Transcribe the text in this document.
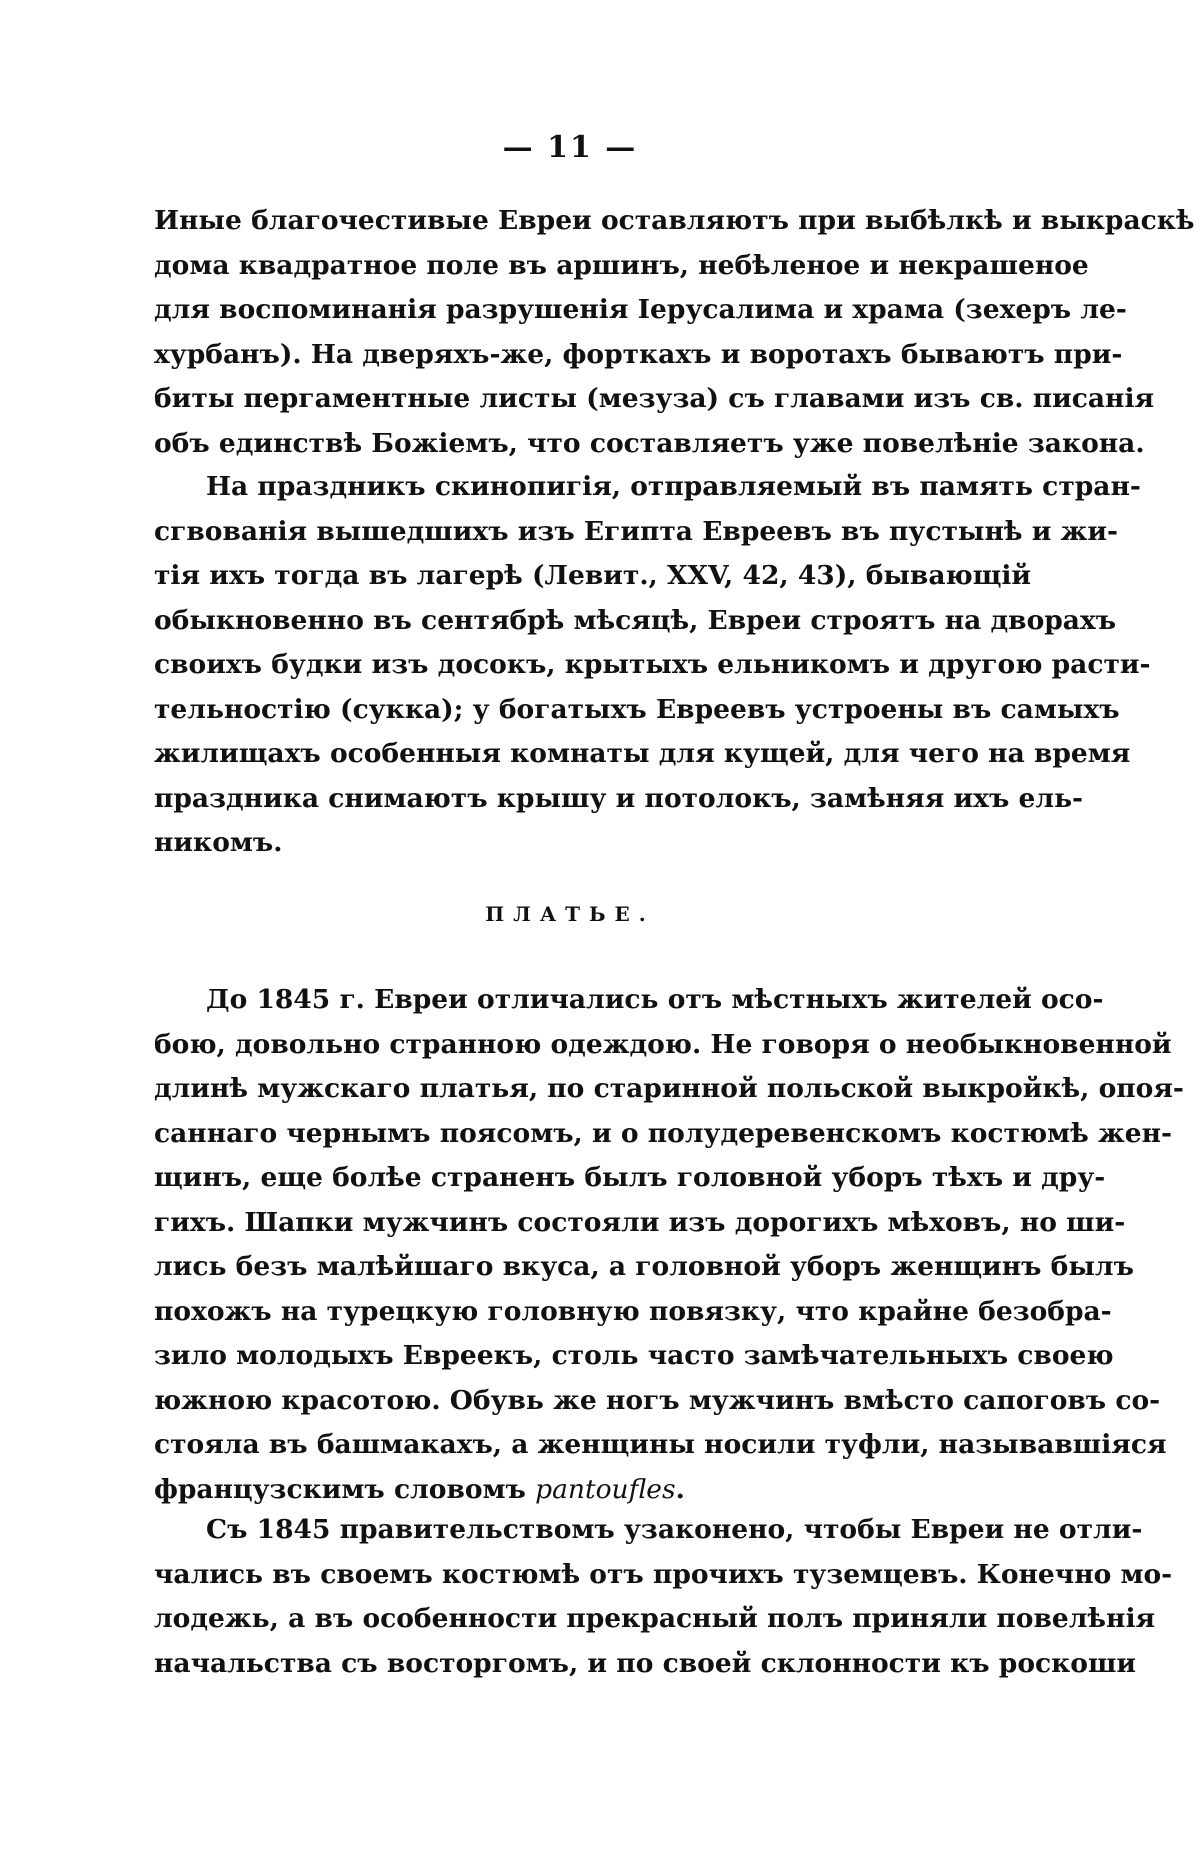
— 11 —
Иные благочестивые Евреи оставляютъ при выбѣлкѣ и выкраскѣ
дома квадратное поле въ аршинъ, небѣленое и некрашеное
для воспоминанія разрушенія Іерусалима и храма (зехеръ ле-
хурбанъ). На дверяхъ-же, форткахъ и воротахъ бываютъ при-
биты пергаментные листы (мезуза) съ главами изъ св. писанія
объ единствѣ Божіемъ, что составляетъ уже повелѣніе закона.
На праздникъ скинопигія, отправляемый въ память стран-
сгвованія вышедшихъ изъ Египта Евреевъ въ пустынѣ и жи-
тія ихъ тогда въ лагерѣ (Левит., XXV, 42, 43), бывающій
обыкновенно въ сентябрѣ мѣсяцѣ, Евреи строятъ на дворахъ
своихъ будки изъ досокъ, крытыхъ ельникомъ и другою расти-
тельностію (сукка); у богатыхъ Евреевъ устроены въ самыхъ
жилищахъ особенныя комнаты для кущей, для чего на время
праздника снимаютъ крышу и потолокъ, замѣняя ихъ ель-
никомъ.
ПЛАТЬЕ.
До 1845 г. Евреи отличались отъ мѣстныхъ жителей осо-
бою, довольно странною одеждою. Не говоря о необыкновенной
длинѣ мужскаго платья, по старинной польской выкройкѣ, опоя-
саннаго чернымъ поясомъ, и о полудеревенскомъ костюмѣ жен-
щинъ, еще болѣе страненъ былъ головной уборъ тѣхъ и дру-
гихъ. Шапки мужчинъ состояли изъ дорогихъ мѣховъ, но ши-
лись безъ малѣйшаго вкуса, а головной уборъ женщинъ былъ
похожъ на турецкую головную повязку, что крайне безобра-
зило молодыхъ Евреекъ, столь часто замѣчательныхъ своею
южною красотою. Обувь же ногъ мужчинъ вмѣсто сапоговъ со-
стояла въ башмакахъ, а женщины носили туфли, называвшіяся
французскимъ словомъ pantoufles.
Съ 1845 правительствомъ узаконено, чтобы Евреи не отли-
чались въ своемъ костюмѣ отъ прочихъ туземцевъ. Конечно мо-
лодежь, а въ особенности прекрасный полъ приняли повелѣнія
начальства съ восторгомъ, и по своей склонности къ роскоши
